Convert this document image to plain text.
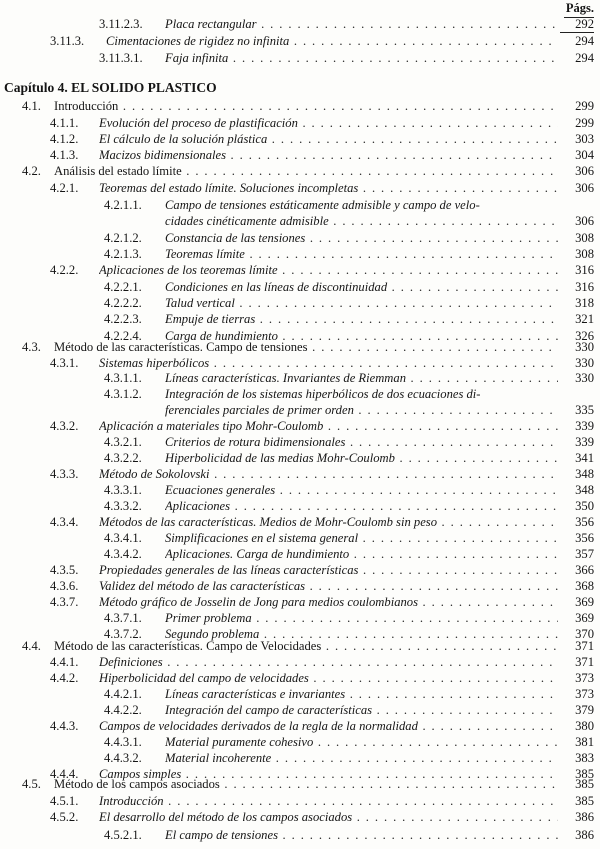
Págs.
Capítulo 4. EL SOLIDO PLASTICO
3.11.2.3. Placa rectangular . . .	292
3.11.3. Cimentaciones de rigidez no infinita . . .	294
3.11.3.1. Faja infinita . . .	294
4.1. Introducción . . .	299
4.1.1. Evolución del proceso de plastificación . . .	299
4.1.2. El cálculo de la solución plástica . . .	303
4.1.3. Macizos bidimensionales . . .	304
4.2. Análisis del estado límite . . .	306
4.2.1. Teoremas del estado límite. Soluciones incompletas . . .	306
4.2.1.1. Campo de tensiones estáticamente admisible y campo de velo-
cidades cinéticamente admisible . . .	306
4.2.1.2. Constancia de las tensiones . . .	308
4.2.1.3. Teoremas límite . . .	308
4.2.2. Aplicaciones de los teoremas límite . . .	316
4.2.2.1. Condiciones en las líneas de discontinuidad . . .	316
4.2.2.2. Talud vertical . . .	318
4.2.2.3. Empuje de tierras . . .	321
4.2.2.4. Carga de hundimiento . . .	326
4.3. Método de las características. Campo de tensiones . . .	330
4.3.1. Sistemas hiperbólicos . . .	330
4.3.1.1. Líneas características. Invariantes de Riemman . . .	330
4.3.1.2. Integración de los sistemas hiperbólicos de dos ecuaciones di-
ferenciales parciales de primer orden . . .	335
4.3.2. Aplicación a materiales tipo Mohr-Coulomb . . .	339
4.3.2.1. Criterios de rotura bidimensionales . . .	339
4.3.2.2. Hiperbolicidad de las medias Mohr-Coulomb . . .	341
4.3.3. Método de Sokolovski . . .	348
4.3.3.1. Ecuaciones generales . . .	348
4.3.3.2. Aplicaciones . . .	350
4.3.4. Métodos de las características. Medios de Mohr-Coulomb sin peso . . .	356
4.3.4.1. Simplificaciones en el sistema general . . .	356
4.3.4.2. Aplicaciones. Carga de hundimiento . . .	357
4.3.5. Propiedades generales de las líneas características . . .	366
4.3.6. Validez del método de las características . . .	368
4.3.7. Método gráfico de Josselin de Jong para medios coulombianos . . .	369
4.3.7.1. Primer problema . . .	369
4.3.7.2. Segundo problema . . .	370
4.4. Método de las características. Campo de Velocidades . . .	371
4.4.1. Definiciones . . .	371
4.4.2. Hiperbolicidad del campo de velocidades . . .	373
4.4.2.1. Líneas características e invariantes . . .	373
4.4.2.2. Integración del campo de características . . .	379
4.4.3. Campos de velocidades derivados de la regla de la normalidad . . .	380
4.4.3.1. Material puramente cohesivo . . .	381
4.4.3.2. Material incoherente . . .	383
4.4.4. Campos simples . . .	385
4.5. Método de los campos asociados . . .	385
4.5.1. Introducción . . .	385
4.5.2. El desarrollo del método de los campos asociados . . .	386
4.5.2.1. El campo de tensiones . . .	386
